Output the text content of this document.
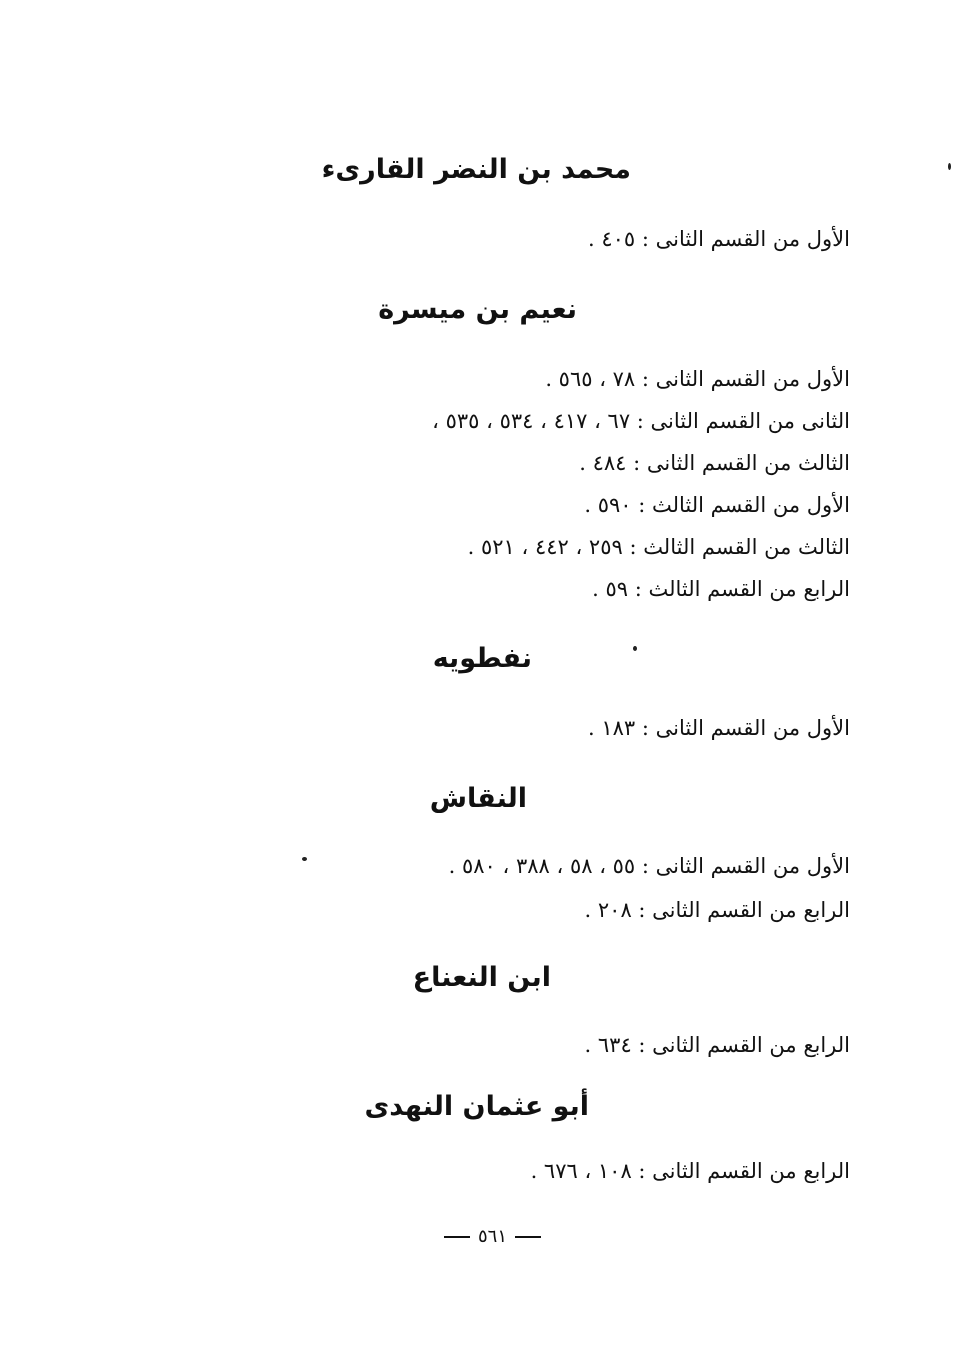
محمد بن النضر القارىء
الأول من القسم الثانى : ٤٠٥ .
نعيم بن ميسرة
الأول من القسم الثانى : ٧٨ ، ٥٦٥ .
الثانى من القسم الثانى : ٦٧ ، ٤١٧ ، ٥٣٤ ، ٥٣٥ ،
الثالث من القسم الثانى : ٤٨٤ .
الأول من القسم الثالث : ٥٩٠ .
الثالث من القسم الثالث : ٢٥٩ ، ٤٤٢ ، ٥٢١ .
الرابع من القسم الثالث : ٥٩ .
نفطويه
الأول من القسم الثانى : ١٨٣ .
النقاش
الأول من القسم الثانى : ٥٥ ، ٥٨ ، ٣٨٨ ، ٥٨٠ .
الرابع من القسم الثانى : ٢٠٨ .
ابن النعناع
الرابع من القسم الثانى : ٦٣٤ .
أبو عثمان النهدى
الرابع من القسم الثانى : ١٠٨ ، ٦٧٦ .
٥٦١
